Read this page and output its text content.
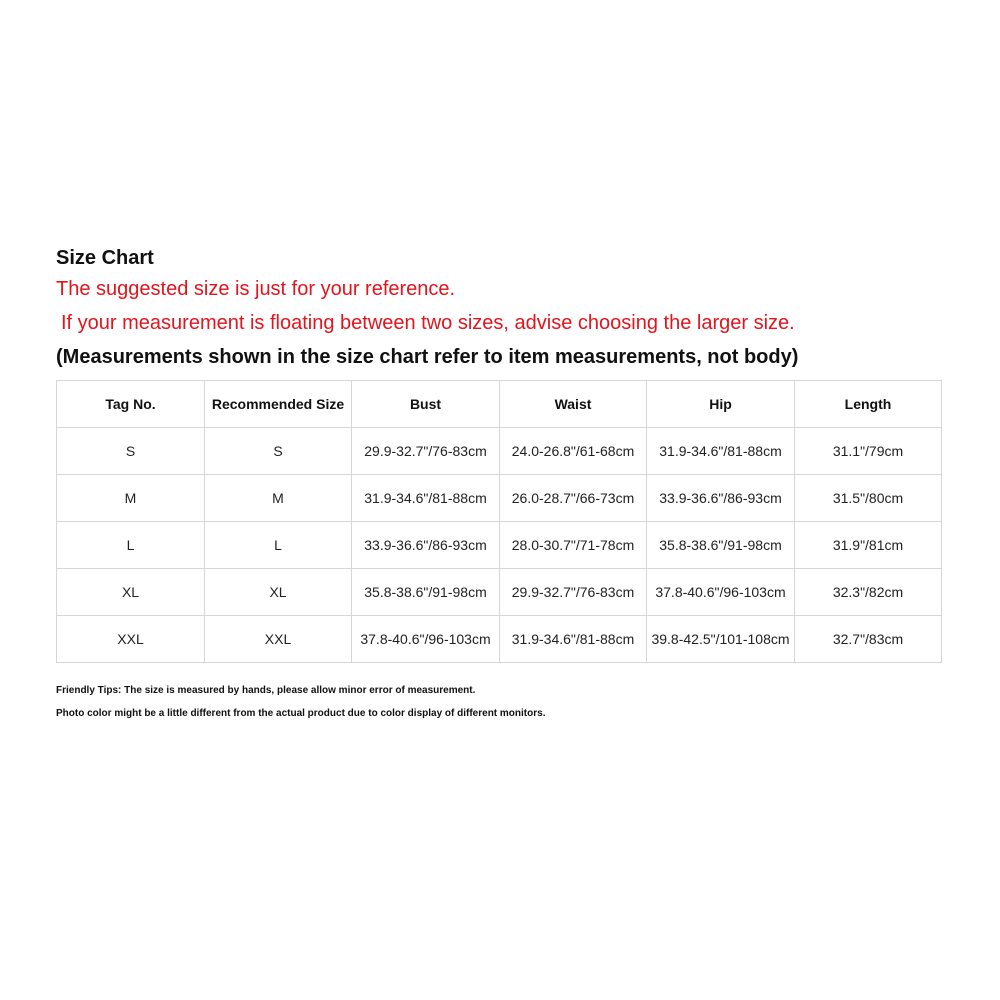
Size Chart

The suggested size is just for your reference.

If your measurement is floating between two sizes, advise choosing the larger size.

(Measurements shown in the size chart refer to item measurements, not body)

Tag No.	Recommended Size	Bust	Waist	Hip	Length
S	S	29.9-32.7"/76-83cm	24.0-26.8"/61-68cm	31.9-34.6"/81-88cm	31.1"/79cm
M	M	31.9-34.6"/81-88cm	26.0-28.7"/66-73cm	33.9-36.6"/86-93cm	31.5"/80cm
L	L	33.9-36.6"/86-93cm	28.0-30.7"/71-78cm	35.8-38.6"/91-98cm	31.9"/81cm
XL	XL	35.8-38.6"/91-98cm	29.9-32.7"/76-83cm	37.8-40.6"/96-103cm	32.3"/82cm
XXL	XXL	37.8-40.6"/96-103cm	31.9-34.6"/81-88cm	39.8-42.5"/101-108cm	32.7"/83cm

Friendly Tips: The size is measured by hands, please allow minor error of measurement.

Photo color might be a little different from the actual product due to color display of different monitors.
